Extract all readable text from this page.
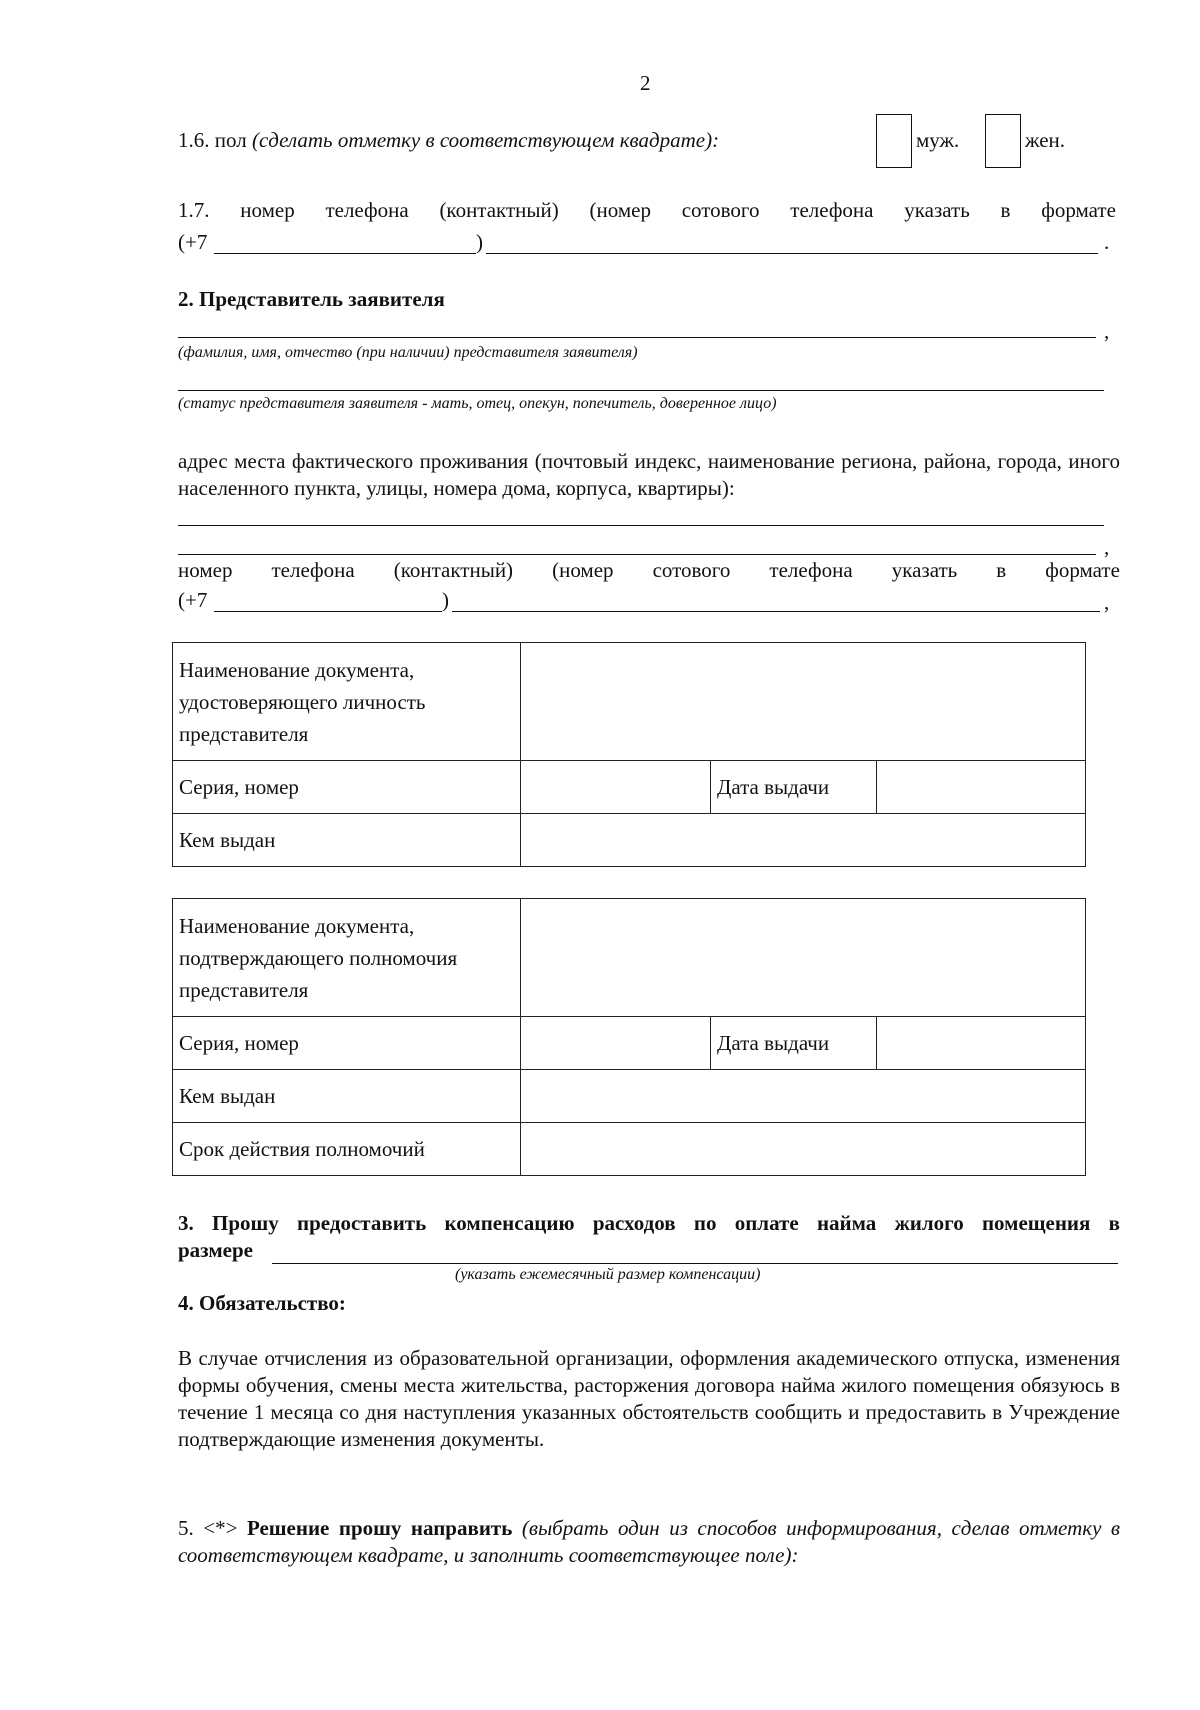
2
1.6. пол (сделать отметку в соответствующем квадрате):	муж.	жен.
1.7. номер телефона (контактный) (номер сотового телефона указать в формате
(+7	)	.
2. Представитель заявителя
,
(фамилия, имя, отчество (при наличии) представителя заявителя)
(статус представителя заявителя - мать, отец, опекун, попечитель, доверенное лицо)
адрес места фактического проживания (почтовый индекс, наименование региона, района, города, иного населенного пункта, улицы, номера дома, корпуса, квартиры):
,
номер телефона (контактный) (номер сотового телефона указать в формате
(+7	)	,
Наименование документа,
удостоверяющего личность
представителя			

Серия, номер		Дата выдачи	
Кем выдан			
Наименование документа,
подтверждающего полномочия
представителя			

Серия, номер		Дата выдачи	
Кем выдан			
Срок действия полномочий			
3. Прошу предоставить компенсацию расходов по оплате найма жилого помещения в
размере
(указать ежемесячный размер компенсации)
4. Обязательство:
В случае отчисления из образовательной организации, оформления академического отпуска, изменения формы обучения, смены места жительства, расторжения договора найма жилого помещения обязуюсь в течение 1 месяца со дня наступления указанных обстоятельств сообщить и предоставить в Учреждение подтверждающие изменения документы.
5. <*> Решение прошу направить (выбрать один из способов информирования, сделав отметку в соответствующем квадрате, и заполнить соответствующее поле):
